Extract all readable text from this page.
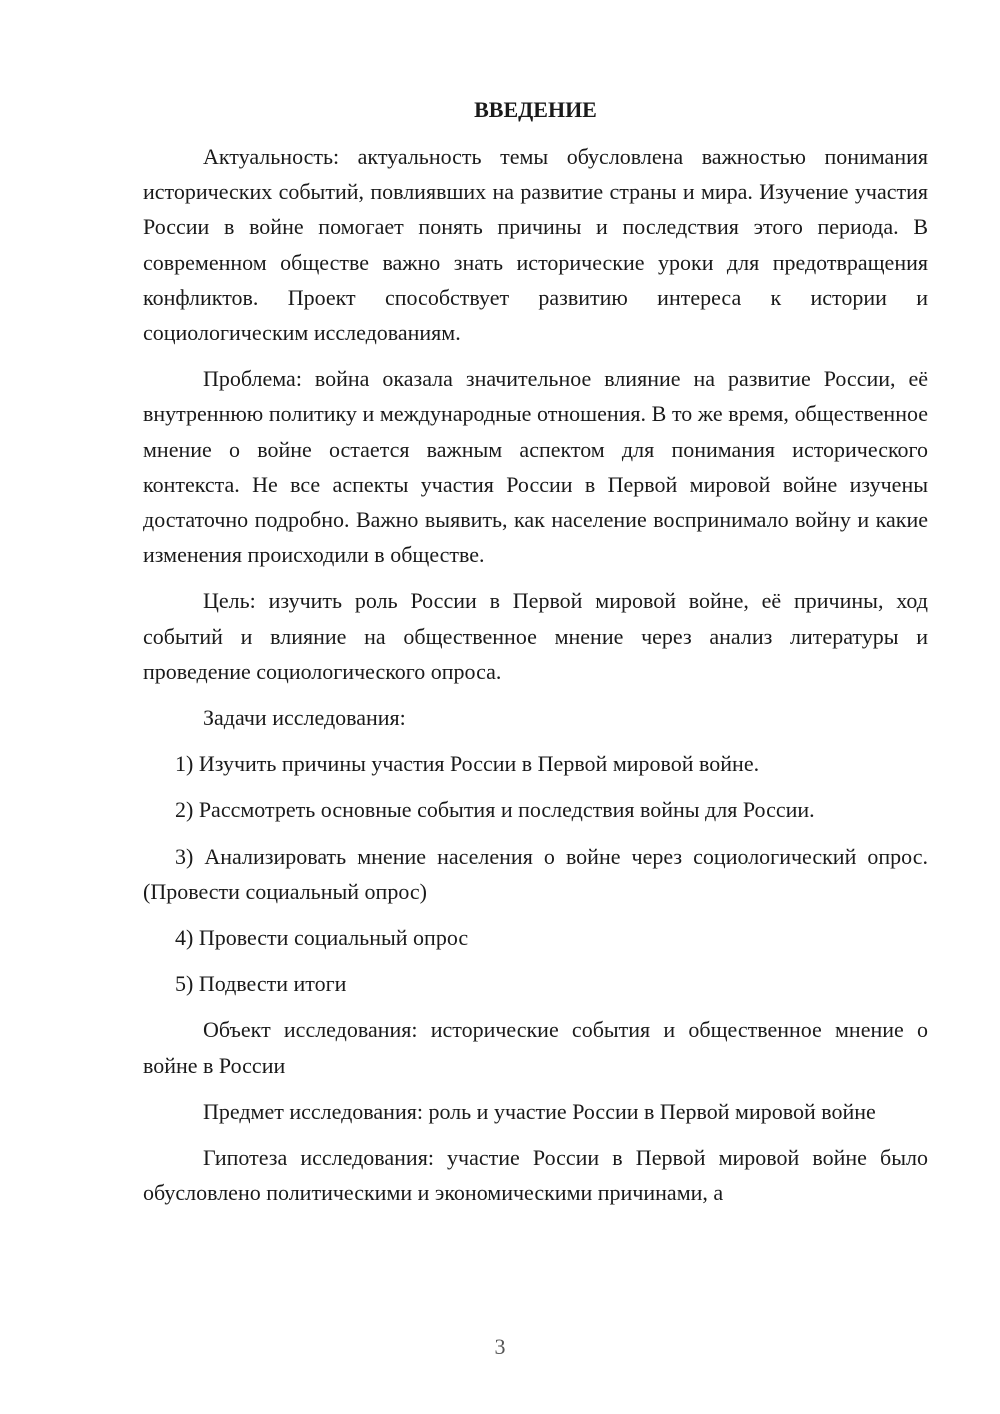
ВВЕДЕНИЕ

Актуальность: актуальность темы обусловлена важностью понимания исторических событий, повлиявших на развитие страны и мира. Изучение участия России в войне помогает понять причины и последствия этого периода. В современном обществе важно знать исторические уроки для предотвращения конфликтов. Проект способствует развитию интереса к истории и социологическим исследованиям.

Проблема: война оказала значительное влияние на развитие России, её внутреннюю политику и международные отношения. В то же время, общественное мнение о войне остается важным аспектом для понимания исторического контекста. Не все аспекты участия России в Первой мировой войне изучены достаточно подробно. Важно выявить, как население воспринимало войну и какие изменения происходили в обществе.

Цель: изучить роль России в Первой мировой войне, её причины, ход событий и влияние на общественное мнение через анализ литературы и проведение социологического опроса.

Задачи исследования:

1) Изучить причины участия России в Первой мировой войне.

2) Рассмотреть основные события и последствия войны для России.

3) Анализировать мнение населения о войне через социологический опрос. (Провести социальный опрос)

4) Провести социальный опрос

5) Подвести итоги

Объект исследования: исторические события и общественное мнение о войне в России

Предмет исследования: роль и участие России в Первой мировой войне

Гипотеза исследования: участие России в Первой мировой войне было обусловлено политическими и экономическими причинами, а

3
